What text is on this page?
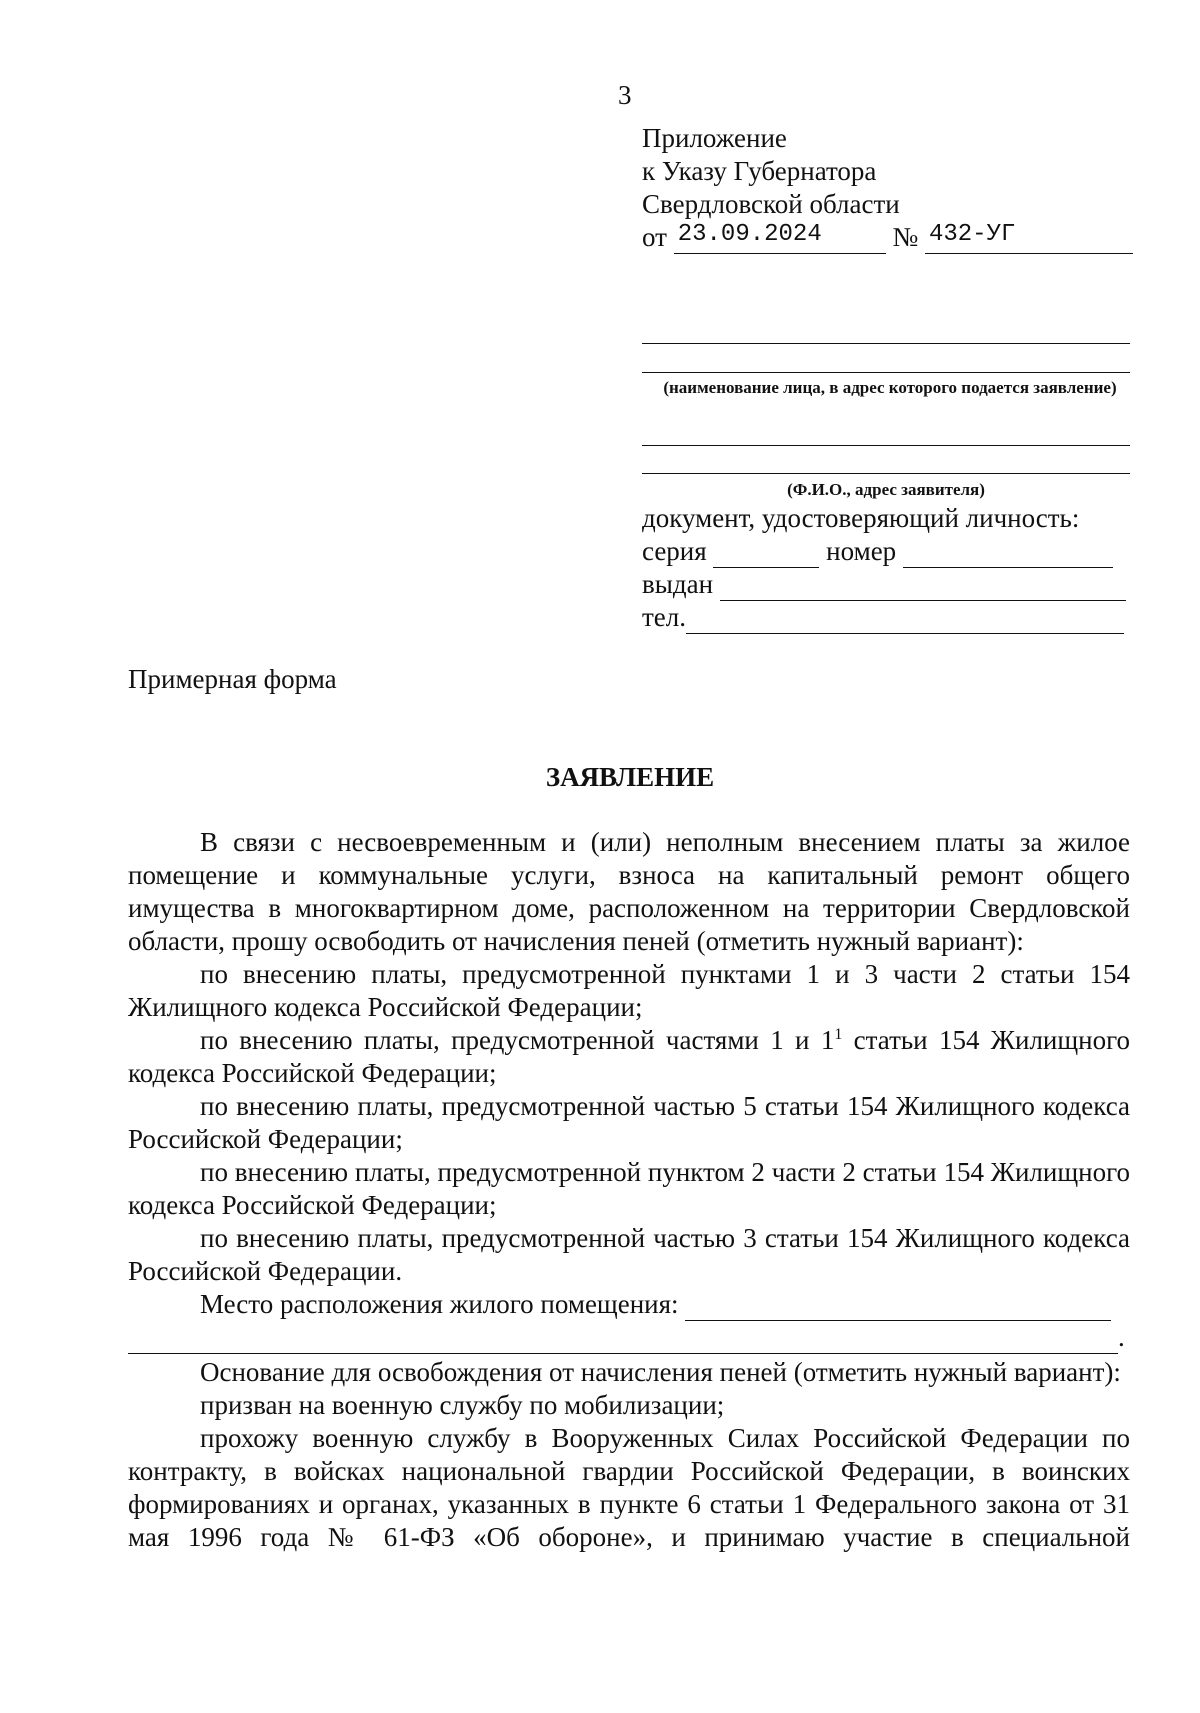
3
Приложение
к Указу Губернатора
Свердловской области
от 23.09.2024	№ 432-УГ
(наименование лица, в адрес которого подается заявление)
(Ф.И.О., адрес заявителя)
документ, удостоверяющий личность:
серия	номер
выдан
тел.
Примерная форма
ЗАЯВЛЕНИЕ

В связи с несвоевременным и (или) неполным внесением платы за жилое помещение и коммунальные услуги, взноса на капитальный ремонт общего имущества в многоквартирном доме, расположенном на территории Свердловской области, прошу освободить от начисления пеней (отметить нужный вариант):

по внесению платы, предусмотренной пунктами 1 и 3 части 2 статьи 154 Жилищного кодекса Российской Федерации;

по внесению платы, предусмотренной частями 1 и $1^1$ статьи 154 Жилищного кодекса Российской Федерации;

по внесению платы, предусмотренной частью 5 статьи 154 Жилищного кодекса Российской Федерации;

по внесению платы, предусмотренной пунктом 2 части 2 статьи 154 Жилищного кодекса Российской Федерации;

по внесению платы, предусмотренной частью 3 статьи 154 Жилищного кодекса Российской Федерации.

Место расположения жилого помещения:

.

Основание для освобождения от начисления пеней (отметить нужный вариант):

призван на военную службу по мобилизации;

прохожу военную службу в Вооруженных Силах Российской Федерации по контракту, в войсках национальной гвардии Российской Федерации, в воинских формированиях и органах, указанных в пункте 6 статьи 1 Федерального закона от 31 мая 1996 года № 61-ФЗ «Об обороне», и принимаю участие в специальной
